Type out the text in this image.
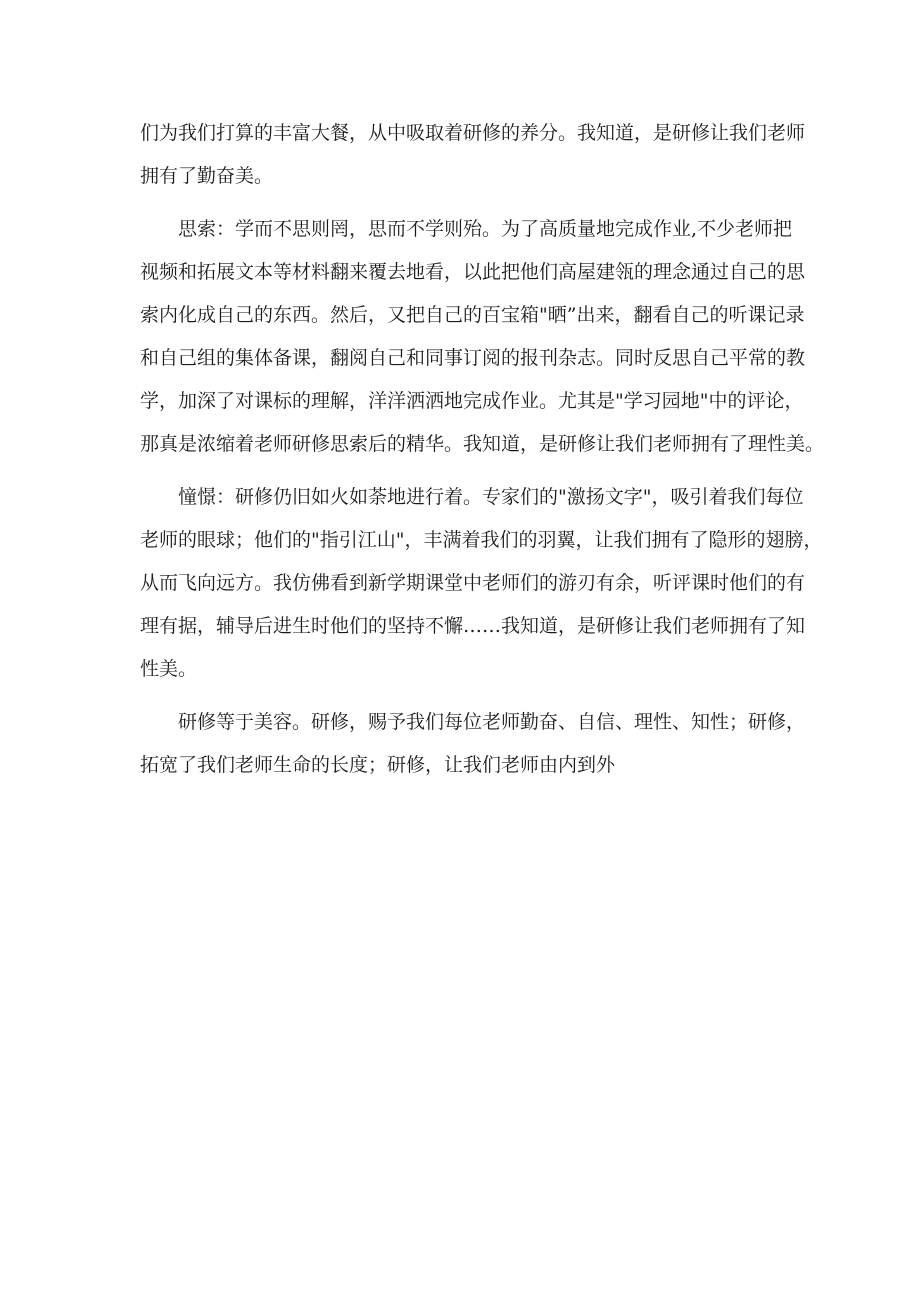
们为我们打算的丰富大餐，从中吸取着研修的养分。我知道，是研修让我们老师
拥有了勤奋美。
思索：学而不思则罔，思而不学则殆。为了高质量地完成作业,不少老师把
视频和拓展文本等材料翻来覆去地看，以此把他们高屋建瓴的理念通过自己的思
索内化成自己的东西。然后，又把自己的百宝箱"晒”出来，翻看自己的听课记录
和自己组的集体备课，翻阅自己和同事订阅的报刊杂志。同时反思自己平常的教
学，加深了对课标的理解，洋洋洒洒地完成作业。尤其是"学习园地"中的评论，
那真是浓缩着老师研修思索后的精华。我知道，是研修让我们老师拥有了理性美。
憧憬：研修仍旧如火如荼地进行着。专家们的"激扬文字"，吸引着我们每位
老师的眼球；他们的"指引江山"，丰满着我们的羽翼，让我们拥有了隐形的翅膀，
从而飞向远方。我仿佛看到新学期课堂中老师们的游刃有余，听评课时他们的有
理有据，辅导后进生时他们的坚持不懈……我知道，是研修让我们老师拥有了知
性美。
研修等于美容。研修，赐予我们每位老师勤奋、自信、理性、知性；研修，
拓宽了我们老师生命的长度；研修，让我们老师由内到外
